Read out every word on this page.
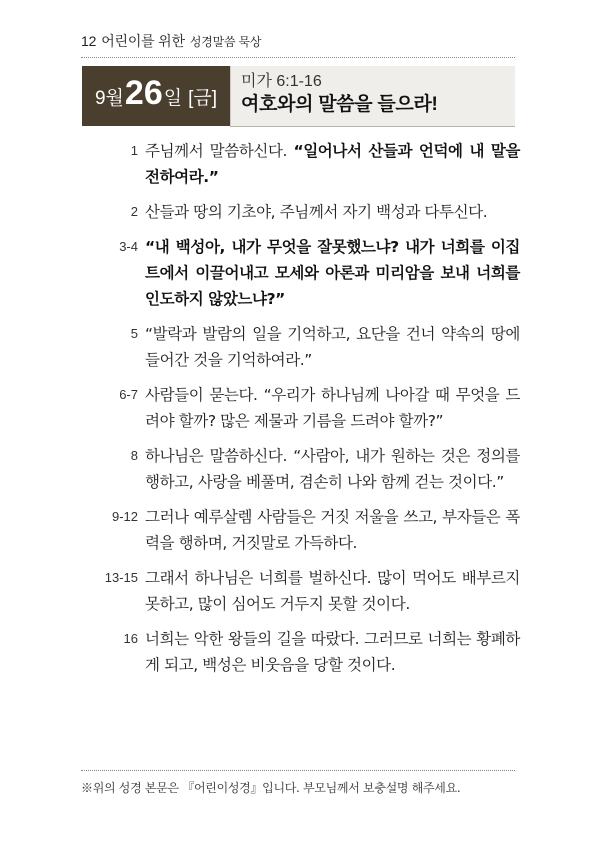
12 어린이를 위한 성경말씀 묵상
9월 26 일 [금]
미가 6:1-16
여호와의 말씀을 들으라!
1 주님께서 말씀하신다. “일어나서 산들과 언덕에 내 말을 전하여라.”
2 산들과 땅의 기초야, 주님께서 자기 백성과 다투신다.
3-4 “내 백성아, 내가 무엇을 잘못했느냐? 내가 너희를 이집트에서 이끌어내고 모세와 아론과 미리암을 보내 너희를 인도하지 않았느냐?”
5 “발락과 발람의 일을 기억하고, 요단을 건너 약속의 땅에 들어간 것을 기억하여라.”
6-7 사람들이 묻는다. “우리가 하나님께 나아갈 때 무엇을 드려야 할까? 많은 제물과 기름을 드려야 할까?”
8 하나님은 말씀하신다. “사람아, 내가 원하는 것은 정의를 행하고, 사랑을 베풀며, 겸손히 나와 함께 걷는 것이다.”
9-12 그러나 예루살렘 사람들은 거짓 저울을 쓰고, 부자들은 폭력을 행하며, 거짓말로 가득하다.
13-15 그래서 하나님은 너희를 벌하신다. 많이 먹어도 배부르지 못하고, 많이 심어도 거두지 못할 것이다.
16 너희는 악한 왕들의 길을 따랐다. 그러므로 너희는 황폐하게 되고, 백성은 비웃음을 당할 것이다.
※위의 성경 본문은 『어린이성경』입니다. 부모님께서 보충설명 해주세요.
